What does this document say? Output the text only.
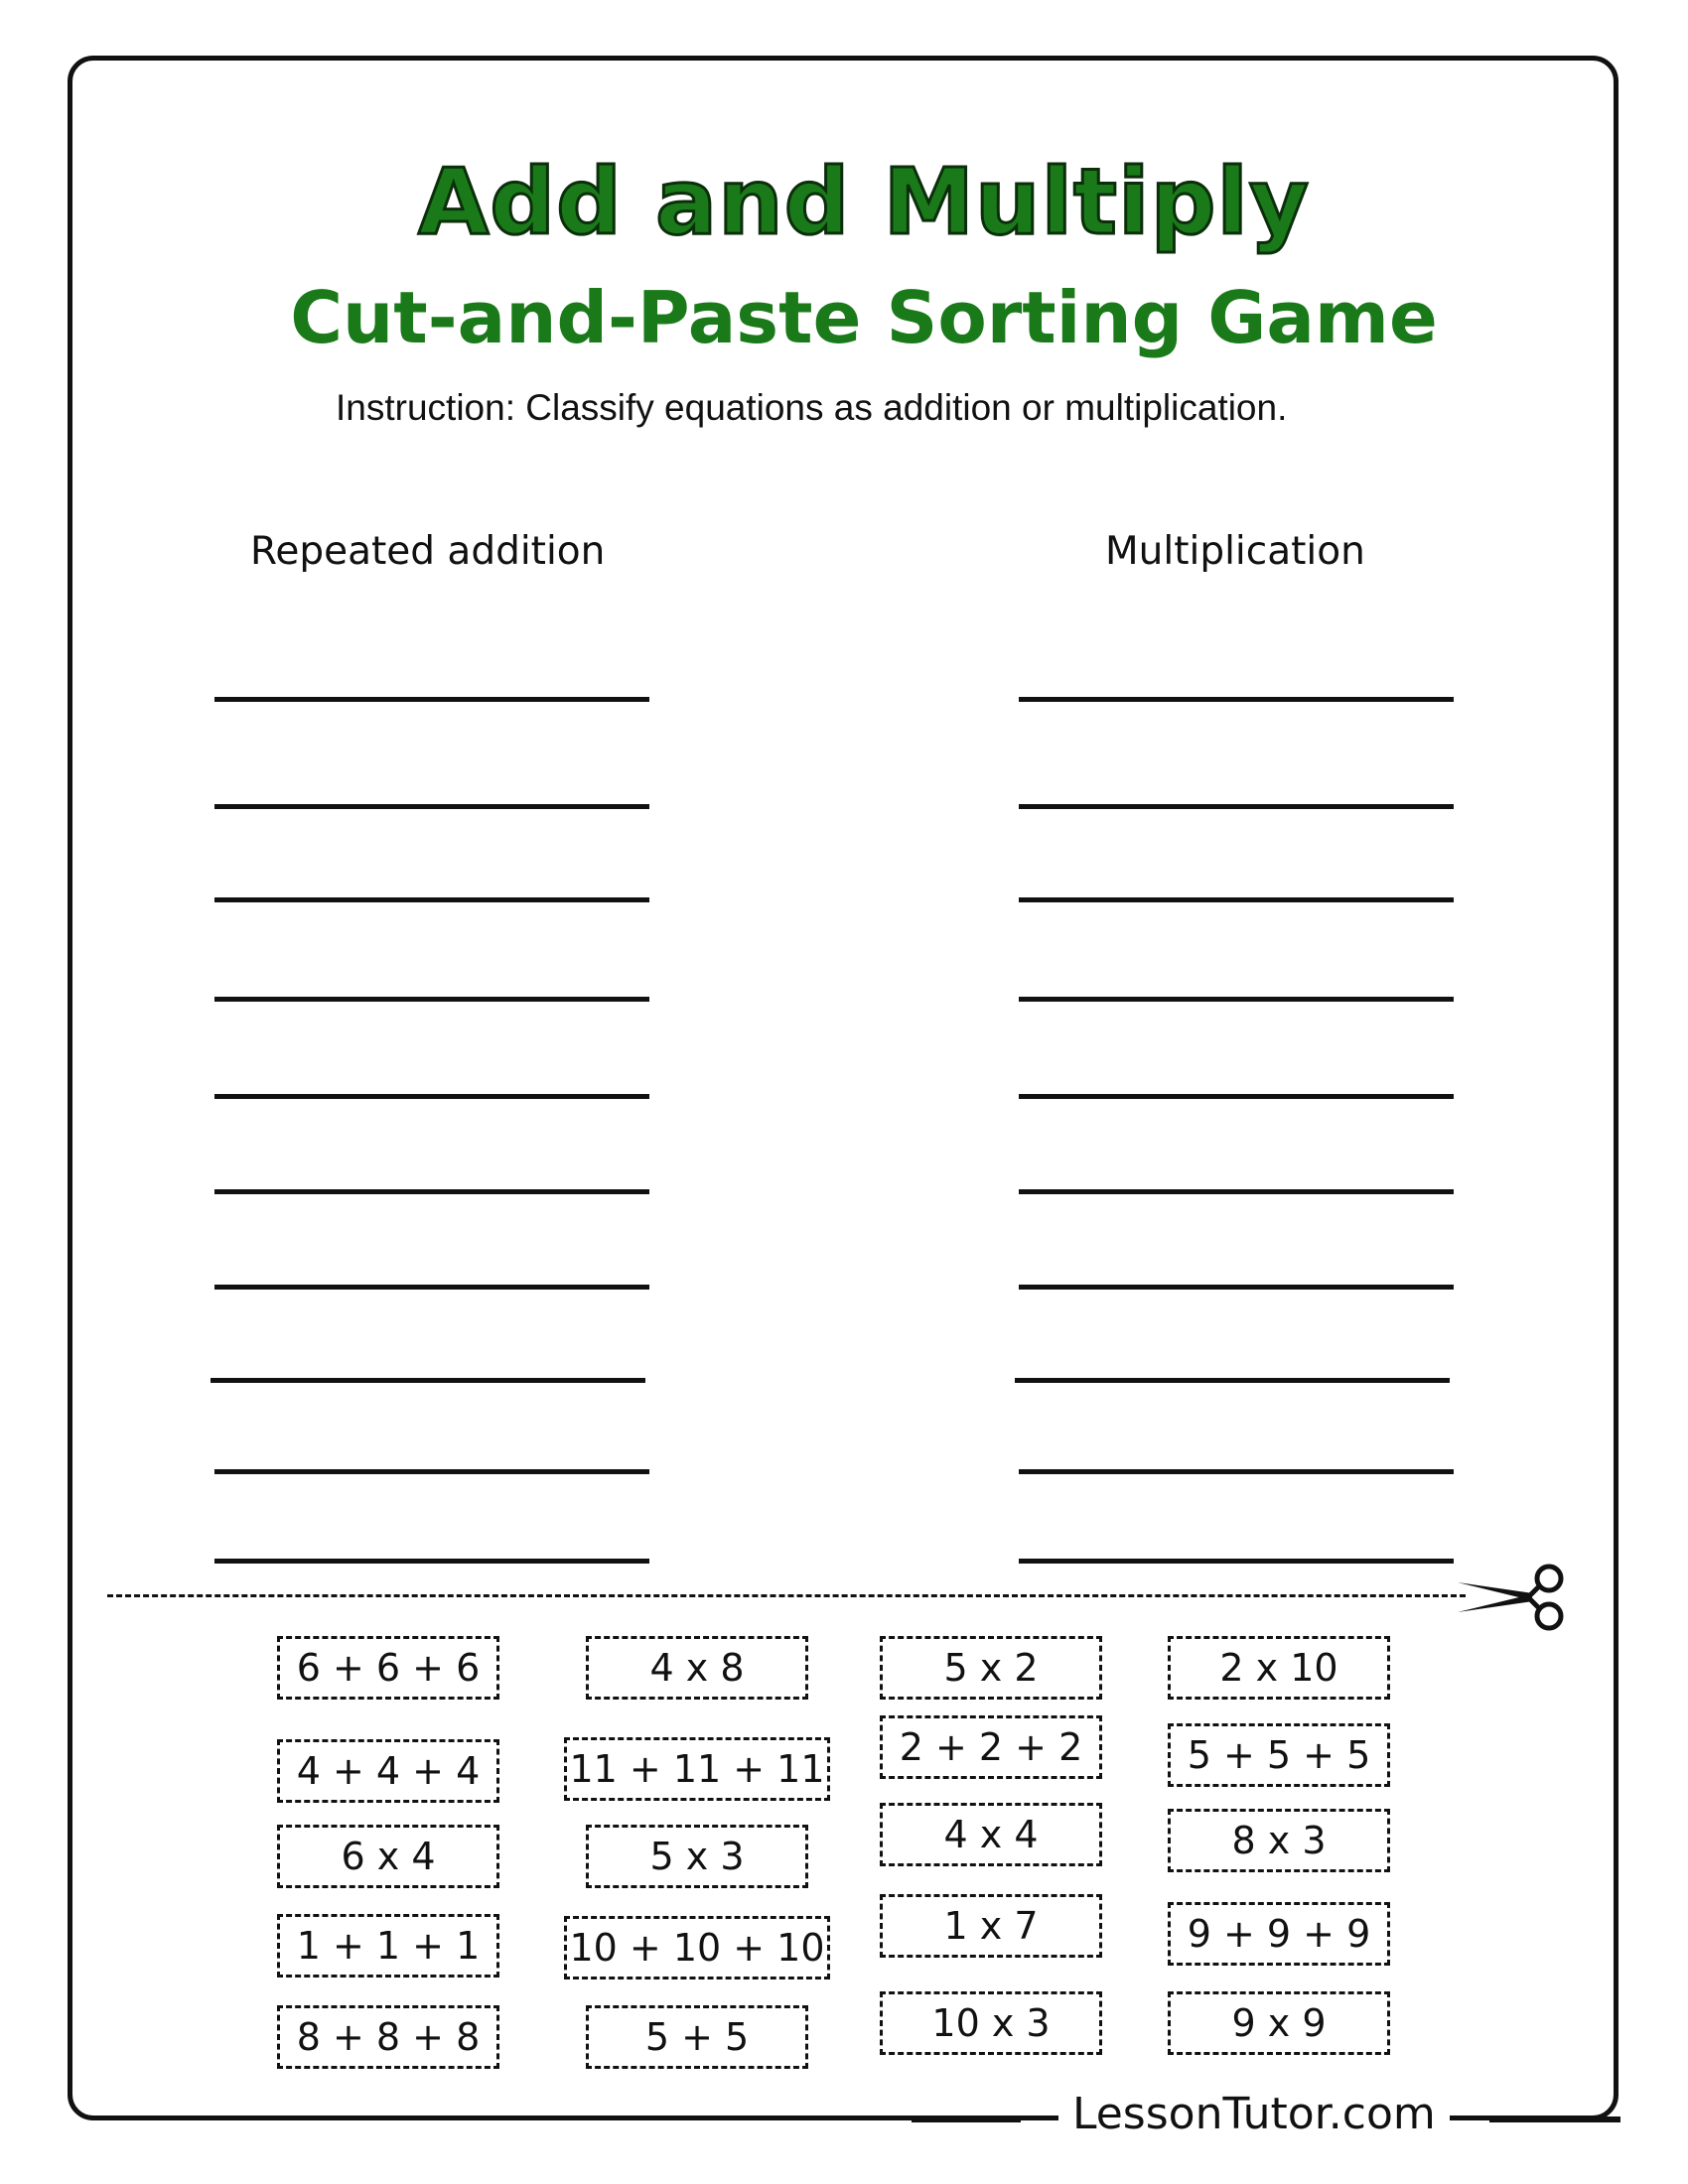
Add and Multiply
Cut-and-Paste Sorting Game
Instruction: Classify equations as addition or multiplication.
Repeated addition	Multiplication
6 + 6 + 6
4 + 4 + 4
6 x 4
1 + 1 + 1
8 + 8 + 8
4 x 8
11 + 11 + 11
5 x 3
10 + 10 + 10
5 + 5
5 x 2
2 + 2 + 2
4 x 4
1 x 7
10 x 3
2 x 10
5 + 5 + 5
8 x 3
9 + 9 + 9
9 x 9
LessonTutor.com
